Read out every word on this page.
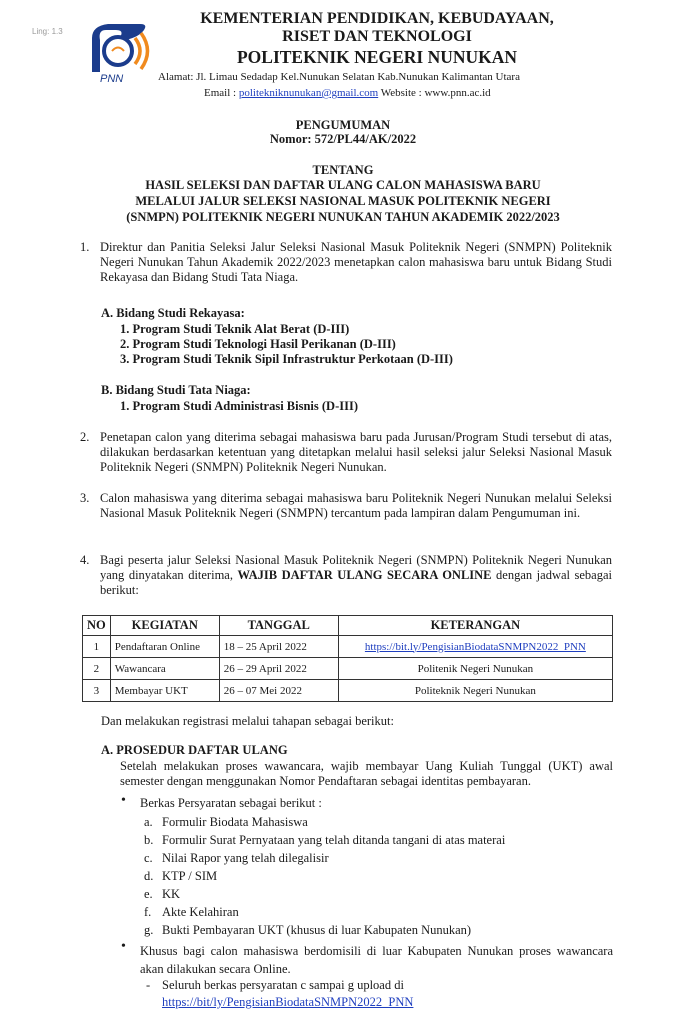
Ling: 1.3
PNN
KEMENTERIAN PENDIDIKAN, KEBUDAYAAN,
RISET DAN TEKNOLOGI
POLITEKNIK NEGERI NUNUKAN
Alamat: Jl. Limau Sedadap Kel.Nunukan Selatan Kab.Nunukan Kalimantan Utara
Email : politekniknunukan@gmail.com Website : www.pnn.ac.id
PENGUMUMAN
Nomor: 572/PL44/AK/2022
TENTANG
HASIL SELEKSI DAN DAFTAR ULANG CALON MAHASISWA BARU
MELALUI JALUR SELEKSI NASIONAL MASUK POLITEKNIK NEGERI
(SNMPN) POLITEKNIK NEGERI NUNUKAN TAHUN AKADEMIK 2022/2023
1. Direktur dan Panitia Seleksi Jalur Seleksi Nasional Masuk Politeknik Negeri (SNMPN) Politeknik Negeri Nunukan Tahun Akademik 2022/2023 menetapkan calon mahasiswa baru untuk Bidang Studi Rekayasa dan Bidang Studi Tata Niaga.
A. Bidang Studi Rekayasa:
1. Program Studi Teknik Alat Berat (D-III)
2. Program Studi Teknologi Hasil Perikanan (D-III)
3. Program Studi Teknik Sipil Infrastruktur Perkotaan (D-III)
B. Bidang Studi Tata Niaga:
1. Program Studi Administrasi Bisnis (D-III)
2. Penetapan calon yang diterima sebagai mahasiswa baru pada Jurusan/Program Studi tersebut di atas, dilakukan berdasarkan ketentuan yang ditetapkan melalui hasil seleksi jalur Seleksi Nasional Masuk Politeknik Negeri (SNMPN) Politeknik Negeri Nunukan.
3. Calon mahasiswa yang diterima sebagai mahasiswa baru Politeknik Negeri Nunukan melalui Seleksi Nasional Masuk Politeknik Negeri (SNMPN) tercantum pada lampiran dalam Pengumuman ini.
4. Bagi peserta jalur Seleksi Nasional Masuk Politeknik Negeri (SNMPN) Politeknik Negeri Nunukan yang dinyatakan diterima, WAJIB DAFTAR ULANG SECARA ONLINE dengan jadwal sebagai berikut:
NO	KEGIATAN	TANGGAL	KETERANGAN
1	Pendaftaran Online	18 – 25 April 2022	https://bit.ly/PengisianBiodataSNMPN2022_PNN
2	Wawancara	26 – 29 April 2022	Politenik Negeri Nunukan
3	Membayar UKT	26 – 07 Mei 2022	Politeknik Negeri Nunukan
Dan melakukan registrasi melalui tahapan sebagai berikut:
A. PROSEDUR DAFTAR ULANG
Setelah melakukan proses wawancara, wajib membayar Uang Kuliah Tunggal (UKT) awal semester dengan menggunakan Nomor Pendaftaran sebagai identitas pembayaran.
• Berkas Persyaratan sebagai berikut :
a. Formulir Biodata Mahasiswa
b. Formulir Surat Pernyataan yang telah ditanda tangani di atas materai
c. Nilai Rapor yang telah dilegalisir
d. KTP / SIM
e. KK
f. Akte Kelahiran
g. Bukti Pembayaran UKT (khusus di luar Kabupaten Nunukan)
• Khusus bagi calon mahasiswa berdomisili di luar Kabupaten Nunukan proses wawancara akan dilakukan secara Online.
- Seluruh berkas persyaratan c sampai g upload di
https://bit/ly/PengisianBiodataSNMPN2022_PNN
